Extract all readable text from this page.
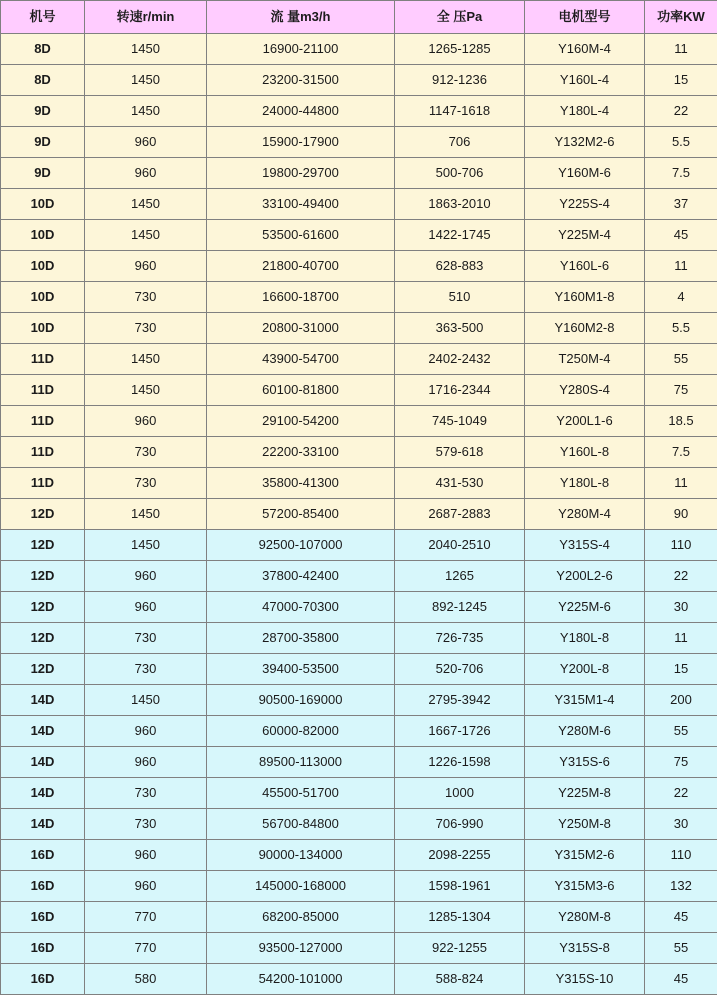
机号	转速r/min	流 量m3/h	全 压Pa	电机型号	功率KW
8D	1450	16900-21100	1265-1285	Y160M-4	11
8D	1450	23200-31500	912-1236	Y160L-4	15
9D	1450	24000-44800	1147-1618	Y180L-4	22
9D	960	15900-17900	706	Y132M2-6	5.5
9D	960	19800-29700	500-706	Y160M-6	7.5
10D	1450	33100-49400	1863-2010	Y225S-4	37
10D	1450	53500-61600	1422-1745	Y225M-4	45
10D	960	21800-40700	628-883	Y160L-6	11
10D	730	16600-18700	510	Y160M1-8	4
10D	730	20800-31000	363-500	Y160M2-8	5.5
11D	1450	43900-54700	2402-2432	T250M-4	55
11D	1450	60100-81800	1716-2344	Y280S-4	75
11D	960	29100-54200	745-1049	Y200L1-6	18.5
11D	730	22200-33100	579-618	Y160L-8	7.5
11D	730	35800-41300	431-530	Y180L-8	11
12D	1450	57200-85400	2687-2883	Y280M-4	90
12D	1450	92500-107000	2040-2510	Y315S-4	110
12D	960	37800-42400	1265	Y200L2-6	22
12D	960	47000-70300	892-1245	Y225M-6	30
12D	730	28700-35800	726-735	Y180L-8	11
12D	730	39400-53500	520-706	Y200L-8	15
14D	1450	90500-169000	2795-3942	Y315M1-4	200
14D	960	60000-82000	1667-1726	Y280M-6	55
14D	960	89500-113000	1226-1598	Y315S-6	75
14D	730	45500-51700	1000	Y225M-8	22
14D	730	56700-84800	706-990	Y250M-8	30
16D	960	90000-134000	2098-2255	Y315M2-6	110
16D	960	145000-168000	1598-1961	Y315M3-6	132
16D	770	68200-85000	1285-1304	Y280M-8	45
16D	770	93500-127000	922-1255	Y315S-8	55
16D	580	54200-101000	588-824	Y315S-10	45
